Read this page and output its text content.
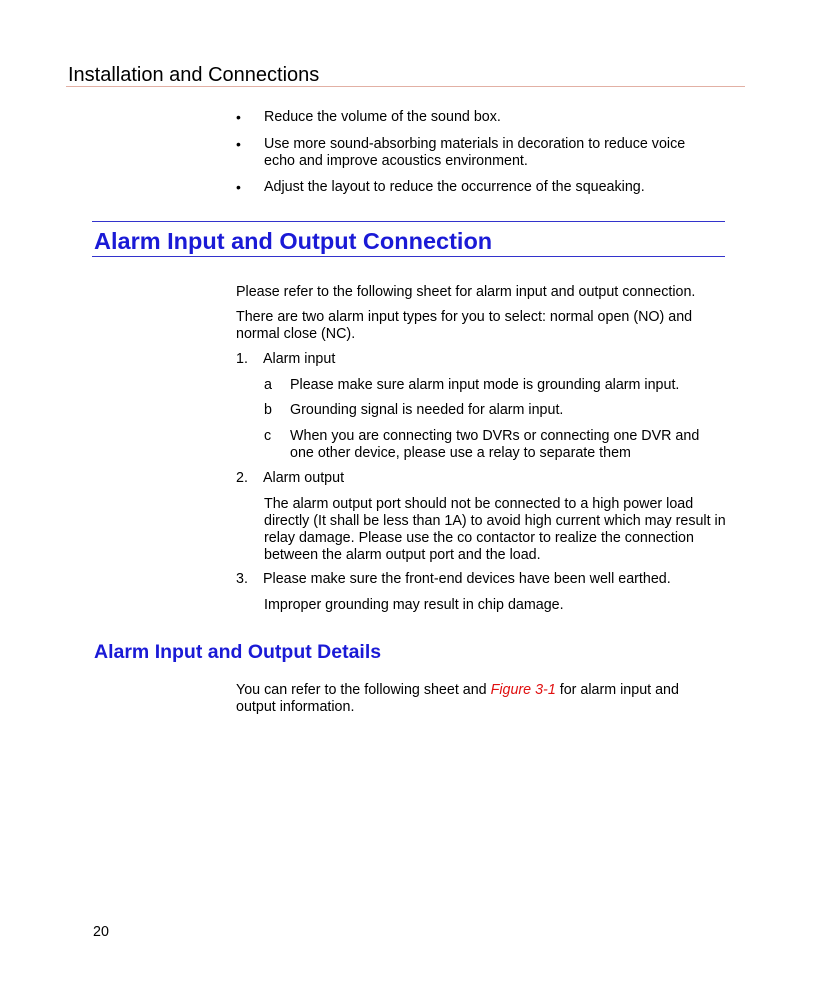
Installation and Connections
• Reduce the volume of the sound box.
• Use more sound-absorbing materials in decoration to reduce voice echo and improve acoustics environment.
• Adjust the layout to reduce the occurrence of the squeaking.
Alarm Input and Output Connection
Please refer to the following sheet for alarm input and output connection.
There are two alarm input types for you to select: normal open (NO) and normal close (NC).
1. Alarm input
a Please make sure alarm input mode is grounding alarm input.
b Grounding signal is needed for alarm input.
c When you are connecting two DVRs or connecting one DVR and one other device, please use a relay to separate them
2. Alarm output
The alarm output port should not be connected to a high power load directly (It shall be less than 1A) to avoid high current which may result in relay damage. Please use the co contactor to realize the connection between the alarm output port and the load.
3. Please make sure the front-end devices have been well earthed.
Improper grounding may result in chip damage.
Alarm Input and Output Details
You can refer to the following sheet and Figure 3-1 for alarm input and output information.
20
